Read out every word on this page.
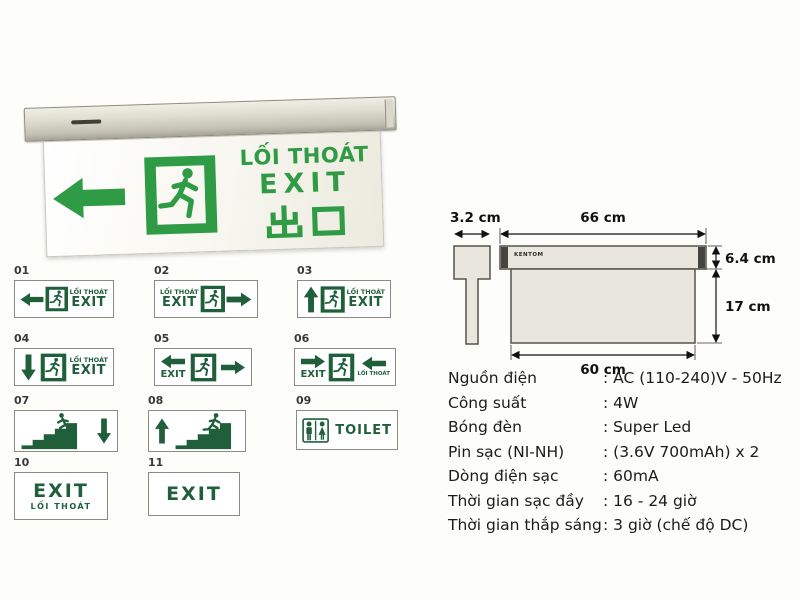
LỐI THOÁT
EXIT
01
LỐI THOÁT
EXIT
02
LỐI THOÁT
EXIT
03
LỐI THOÁT
EXIT
04
LỐI THOÁT
EXIT
05
EXIT
06
EXIT	LỐI THOÁT
07	08	09
TOILET
10
EXIT
LỐI THOÁT
11
EXIT
3.2 cm	66 cm
KENTOM	6.4 cm
17 cm
60 cm
Nguồn điện	: AC (110-240)V - 50Hz
Công suất	: 4W
Bóng đèn	: Super Led
Pin sạc (NI-NH)	: (3.6V 700mAh) x 2
Dòng điện sạc	: 60mA
Thời gian sạc đầy	: 16 - 24 giờ
Thời gian thắp sáng : 3 giờ (chế độ DC)
